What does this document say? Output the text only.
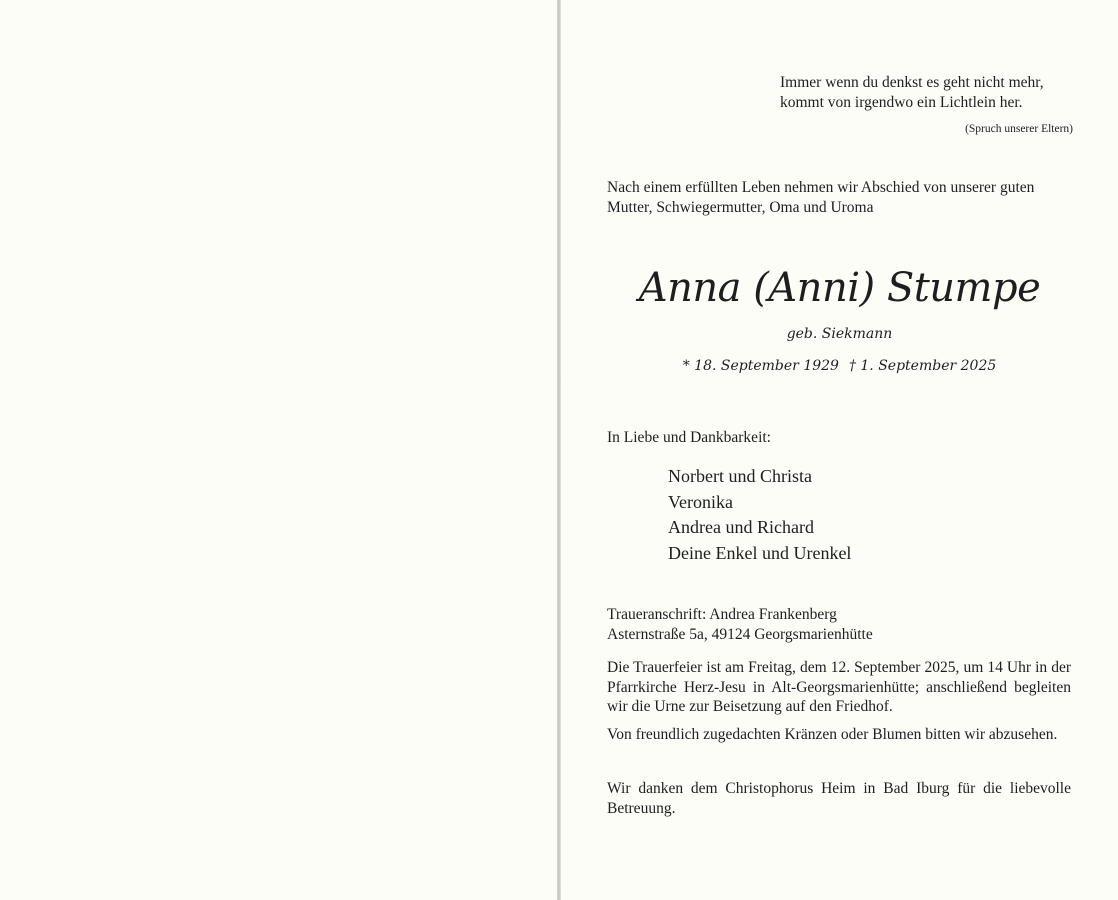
Immer wenn du denkst es geht nicht mehr,
kommt von irgendwo ein Lichtlein her.
(Spruch unserer Eltern)
Nach einem erfüllten Leben nehmen wir Abschied von unserer guten
Mutter, Schwiegermutter, Oma und Uroma
Anna (Anni) Stumpe
geb. Siekmann
* 18. September 1929 † 1. September 2025
In Liebe und Dankbarkeit:
Norbert und Christa
Veronika
Andrea und Richard
Deine Enkel und Urenkel
Traueranschrift: Andrea Frankenberg
Asternstraße 5a, 49124 Georgsmarienhütte

Die Trauerfeier ist am Freitag, dem 12. September 2025, um 14 Uhr in der Pfarrkirche Herz-Jesu in Alt-Georgsmarienhütte; anschließend begleiten wir die Urne zur Beisetzung auf den Friedhof.

Von freundlich zugedachten Kränzen oder Blumen bitten wir abzusehen.

Wir danken dem Christophorus Heim in Bad Iburg für die liebevolle Betreuung.
